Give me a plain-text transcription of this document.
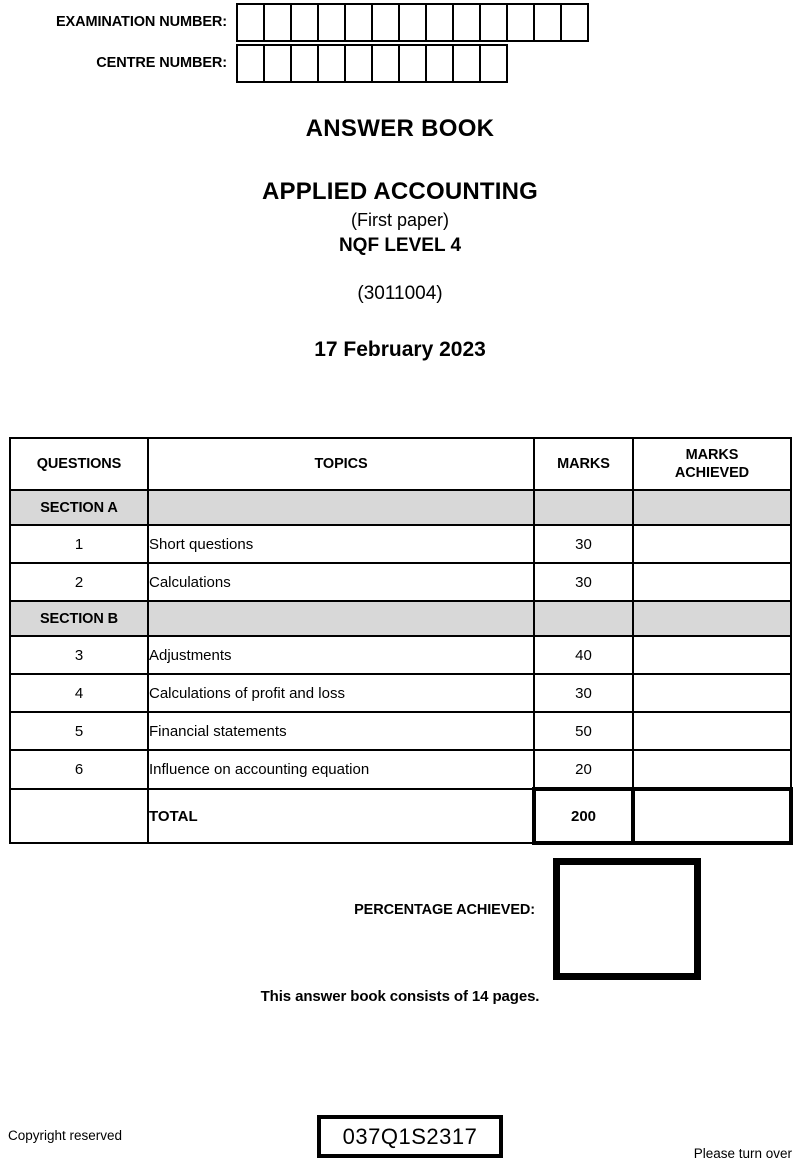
EXAMINATION NUMBER:
CENTRE NUMBER:
ANSWER BOOK
APPLIED ACCOUNTING
(First paper)
NQF LEVEL 4
(3011004)
17 February 2023
QUESTIONS	TOPICS	MARKS	MARKS
ACHIEVED
SECTION A			
1	Short questions	30	
2	Calculations	30	
SECTION B			
3	Adjustments	40	
4	Calculations of profit and loss	30	
5	Financial statements	50	
6	Influence on accounting equation	20	
	TOTAL	200	
PERCENTAGE ACHIEVED:
This answer book consists of 14 pages.
Copyright reserved	037Q1S2317
Please turn over
